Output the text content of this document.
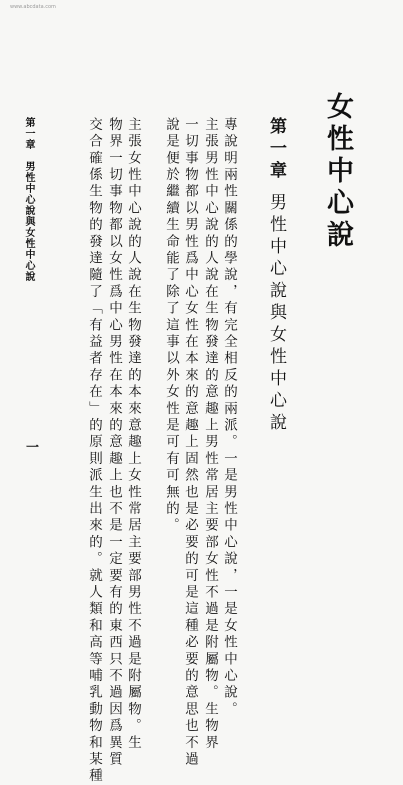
www.abcdata.com
女性中心說
第一章男性中心說與女性中心說
專說明兩性關係的學說，有完全相反的兩派。一是男性中心說，一是女性中心說。
主張男性中心說的人說在生物發達的意趣上男性常居主要部女性不過是附屬物。生物界
一切事物都以男性爲中心女性在本來的意趣上固然也是必要的可是這種必要的意思也不過
說是便於繼續生命能了除了這事以外女性是可有可無的。
主張女性中心說的人說在生物發達的本來意趣上女性常居主要部男性不過是附屬物。生
物界一切事物都以女性爲中心男性在本來的意趣上也不是一定要有的東西只不過因爲異質
交合確係生物的發達隨了「有益者存在」的原則派生出來的。就人類和高等哺乳動物和某種
第一章　男性中心說與女性中心說
一
